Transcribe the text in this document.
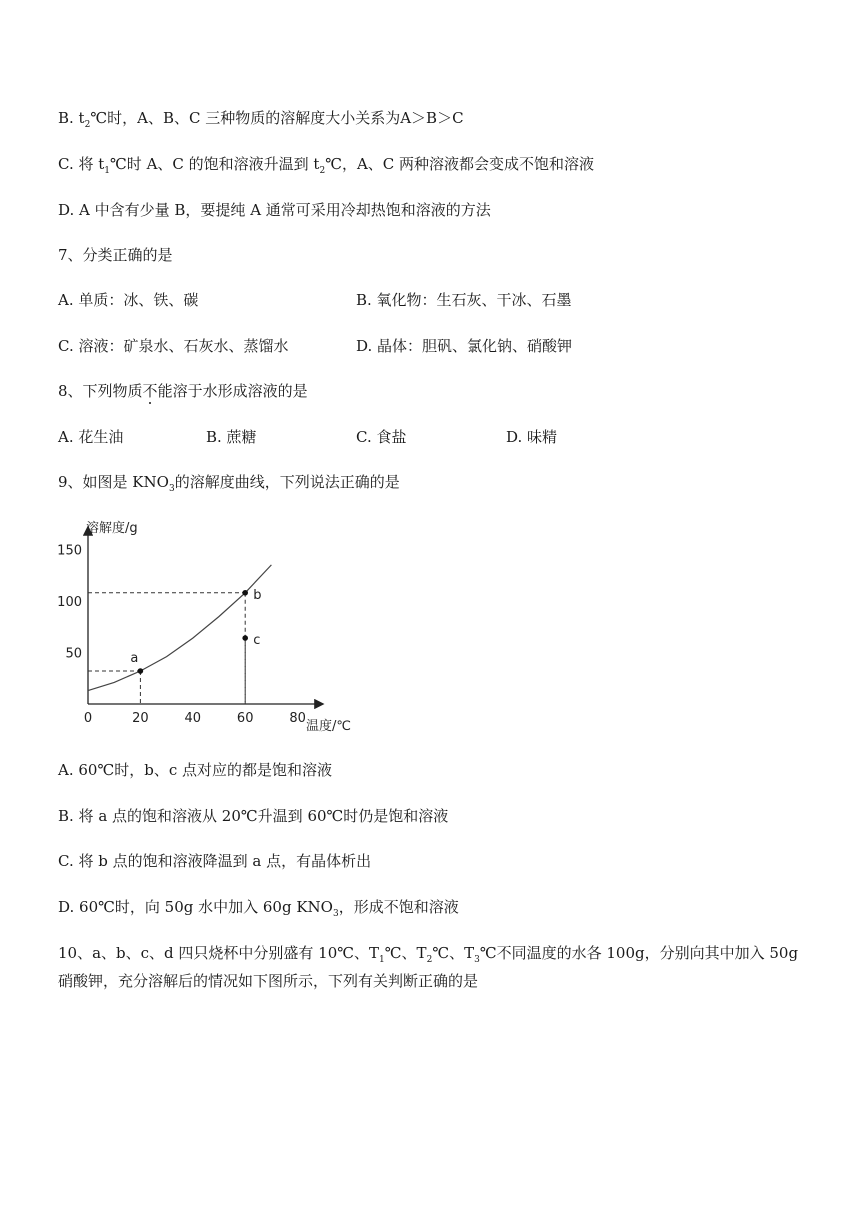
B. $t_2℃$时，A、B、C 三种物质的溶解度大小关系为A＞B＞C
C. 将 $t_1℃$时 A、C 的饱和溶液升温到 $t_2℃$，A、C 两种溶液都会变成不饱和溶液
D. A 中含有少量 B，要提纯 A 通常可采用冷却热饱和溶液的方法
7、分类正确的是
A. 单质：冰、铁、碳	B. 氧化物：生石灰、干冰、石墨
C. 溶液：矿泉水、石灰水、蒸馏水	D. 晶体：胆矾、氯化钠、硝酸钾
8、下列物质不能溶于水形成溶液的是
A. 花生油	B. 蔗糖	C. 食盐	D. 味精
9、如图是 $KNO_3$的溶解度曲线，下列说法正确的是
溶解度/g
温度/℃
0	20	40	60	80
50
100
150
a
b
c
A. 60℃时，b、c 点对应的都是饱和溶液
B. 将 a 点的饱和溶液从 20℃升温到 60℃时仍是饱和溶液
C. 将 b 点的饱和溶液降温到 a 点，有晶体析出
D. 60℃时，向 50g 水中加入 60g $KNO_3$，形成不饱和溶液
10、a、b、c、d 四只烧杯中分别盛有 10℃、$T_1℃$、$T_2℃$、$T_3℃$不同温度的水各 100g，分别向其中加入 50g
硝酸钾，充分溶解后的情况如下图所示，下列有关判断正确的是
